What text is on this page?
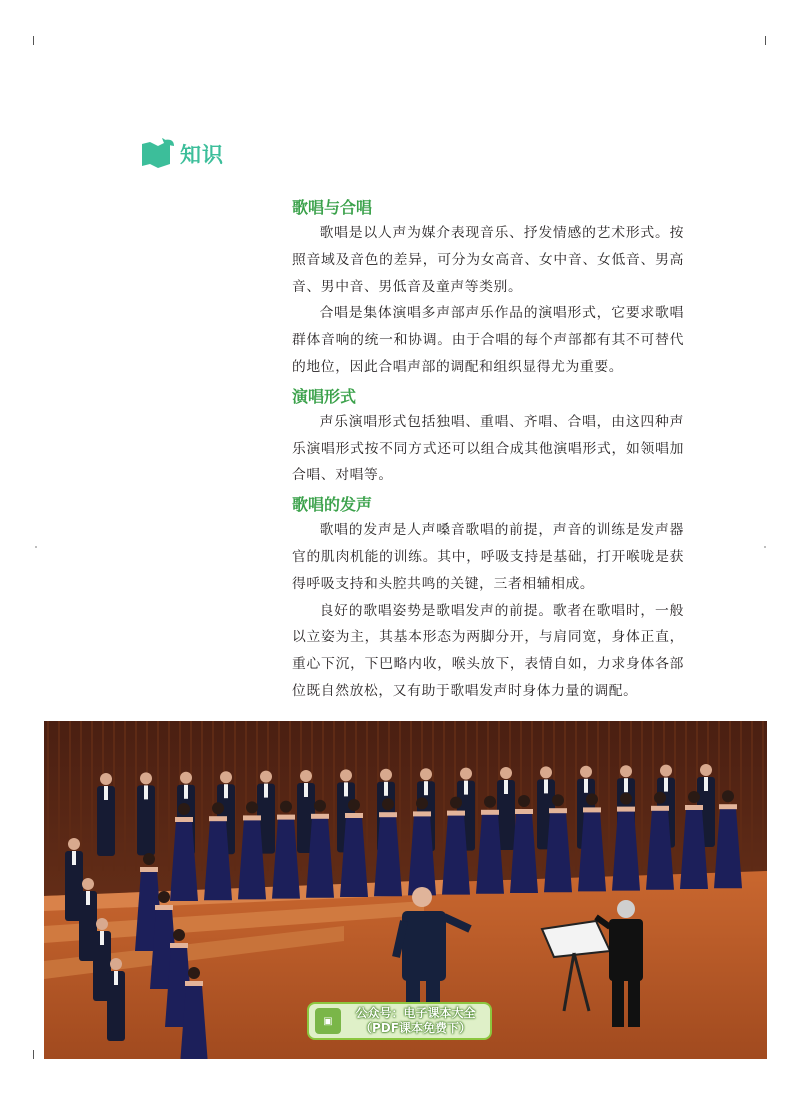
知识
歌唱与合唱

歌唱是以人声为媒介表现音乐、抒发情感的艺术形式。按照音域及音色的差异，可分为女高音、女中音、女低音、男高音、男中音、男低音及童声等类别。

合唱是集体演唱多声部声乐作品的演唱形式，它要求歌唱群体音响的统一和协调。由于合唱的每个声部都有其不可替代的地位，因此合唱声部的调配和组织显得尤为重要。

演唱形式

声乐演唱形式包括独唱、重唱、齐唱、合唱，由这四种声乐演唱形式按不同方式还可以组合成其他演唱形式，如领唱加合唱、对唱等。

歌唱的发声

歌唱的发声是人声嗓音歌唱的前提，声音的训练是发声器官的肌肉机能的训练。其中，呼吸支持是基础，打开喉咙是获得呼吸支持和头腔共鸣的关键，三者相辅相成。

良好的歌唱姿势是歌唱发声的前提。歌者在歌唱时，一般以立姿为主，其基本形态为两脚分开，与肩同宽，身体正直，重心下沉，下巴略内收，喉头放下，表情自如，力求身体各部位既自然放松，又有助于歌唱发声时身体力量的调配。

▣
公众号：电子课本大全
（PDF课本免费下）
